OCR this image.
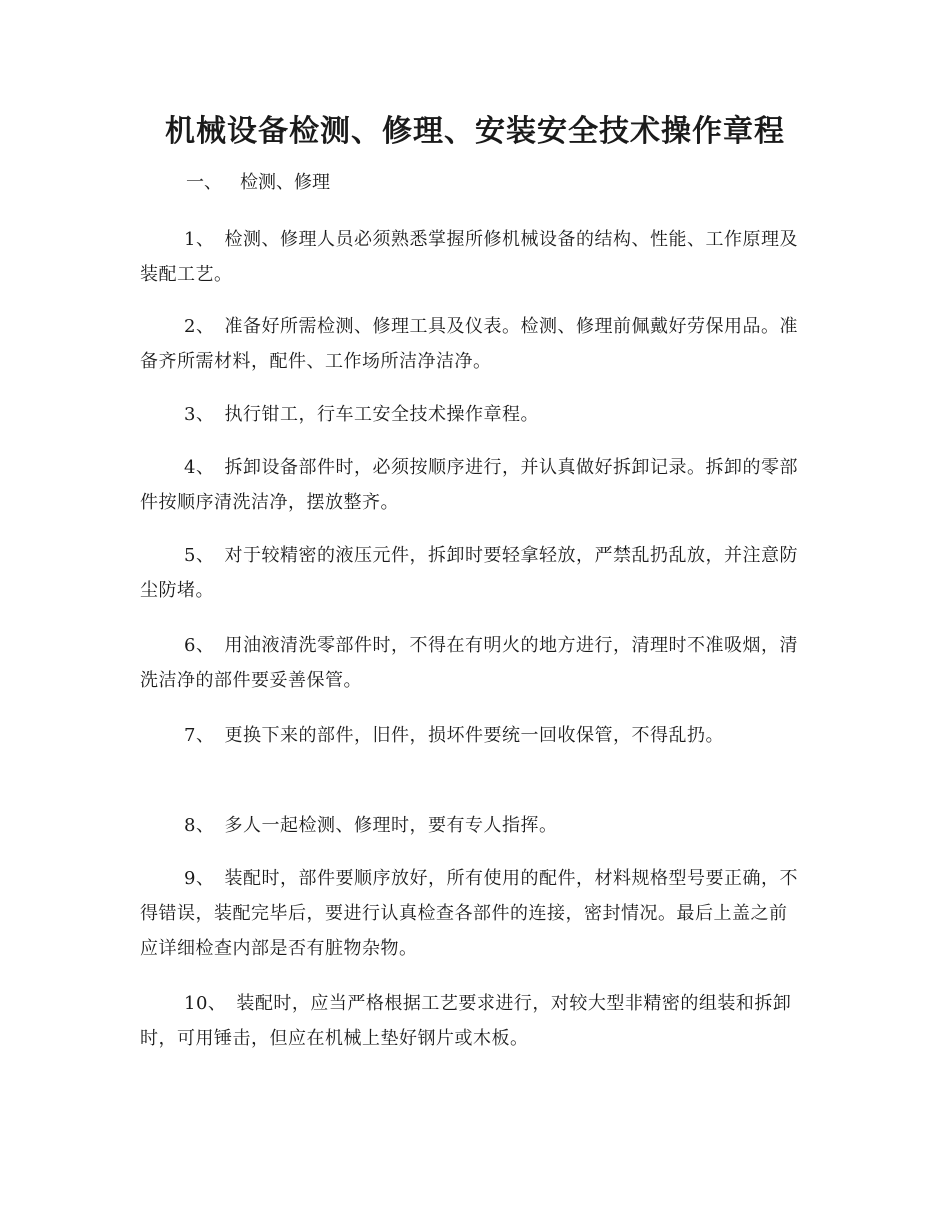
机械设备检测、修理、安装安全技术操作章程
一、 检测、修理

1、 检测、修理人员必须熟悉掌握所修机械设备的结构、性能、工作原理及装配工艺。

2、 准备好所需检测、修理工具及仪表。检测、修理前佩戴好劳保用品。准备齐所需材料，配件、工作场所洁净洁净。

3、 执行钳工，行车工安全技术操作章程。

4、 拆卸设备部件时，必须按顺序进行，并认真做好拆卸记录。拆卸的零部件按顺序清洗洁净，摆放整齐。

5、 对于较精密的液压元件，拆卸时要轻拿轻放，严禁乱扔乱放，并注意防尘防堵。

6、 用油液清洗零部件时，不得在有明火的地方进行，清理时不准吸烟，清洗洁净的部件要妥善保管。

7、 更换下来的部件，旧件，损坏件要统一回收保管，不得乱扔。

8、 多人一起检测、修理时，要有专人指挥。

9、 装配时，部件要顺序放好，所有使用的配件，材料规格型号要正确，不得错误，装配完毕后，要进行认真检查各部件的连接，密封情况。最后上盖之前应详细检查内部是否有脏物杂物。

10、 装配时，应当严格根据工艺要求进行，对较大型非精密的组装和拆卸时，可用锤击，但应在机械上垫好钢片或木板。
